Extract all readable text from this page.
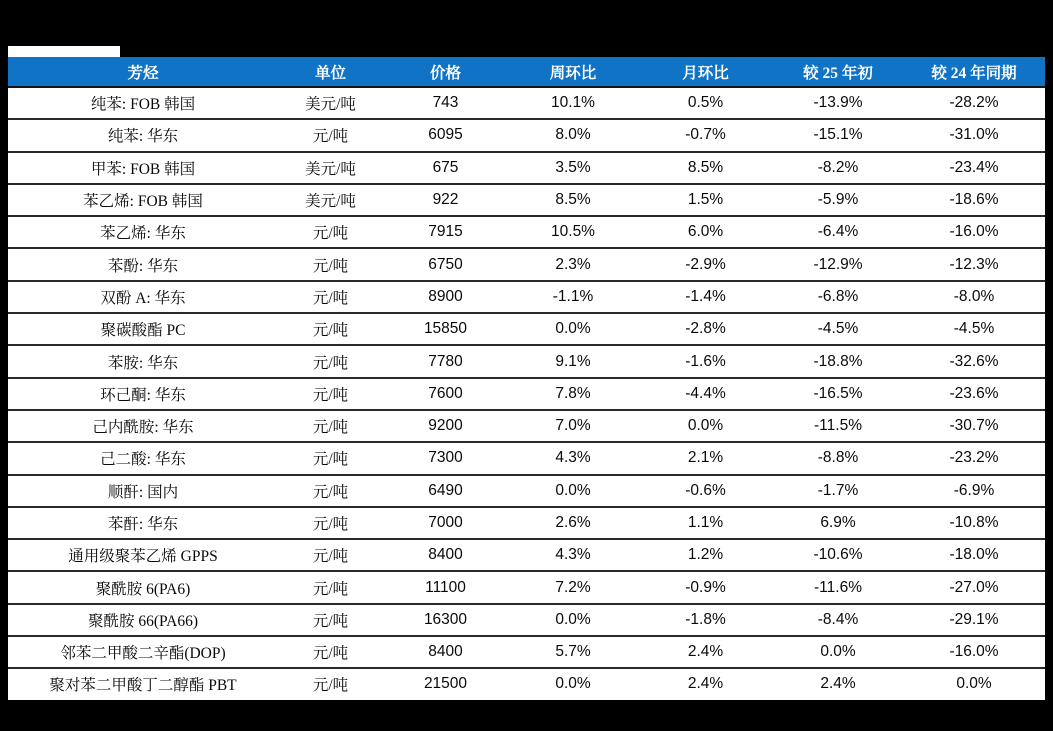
芳烃	单位	价格	周环比	月环比	较 25 年初	较 24 年同期
纯苯: FOB 韩国	美元/吨	743	10.1%	0.5%	-13.9%	-28.2%
纯苯: 华东	元/吨	6095	8.0%	-0.7%	-15.1%	-31.0%
甲苯: FOB 韩国	美元/吨	675	3.5%	8.5%	-8.2%	-23.4%
苯乙烯: FOB 韩国	美元/吨	922	8.5%	1.5%	-5.9%	-18.6%
苯乙烯: 华东	元/吨	7915	10.5%	6.0%	-6.4%	-16.0%
苯酚: 华东	元/吨	6750	2.3%	-2.9%	-12.9%	-12.3%
双酚 A: 华东	元/吨	8900	-1.1%	-1.4%	-6.8%	-8.0%
聚碳酸酯 PC	元/吨	15850	0.0%	-2.8%	-4.5%	-4.5%
苯胺: 华东	元/吨	7780	9.1%	-1.6%	-18.8%	-32.6%
环己酮: 华东	元/吨	7600	7.8%	-4.4%	-16.5%	-23.6%
己内酰胺: 华东	元/吨	9200	7.0%	0.0%	-11.5%	-30.7%
己二酸: 华东	元/吨	7300	4.3%	2.1%	-8.8%	-23.2%
顺酐: 国内	元/吨	6490	0.0%	-0.6%	-1.7%	-6.9%
苯酐: 华东	元/吨	7000	2.6%	1.1%	6.9%	-10.8%
通用级聚苯乙烯 GPPS	元/吨	8400	4.3%	1.2%	-10.6%	-18.0%
聚酰胺 6(PA6)	元/吨	11100	7.2%	-0.9%	-11.6%	-27.0%
聚酰胺 66(PA66)	元/吨	16300	0.0%	-1.8%	-8.4%	-29.1%
邻苯二甲酸二辛酯(DOP)	元/吨	8400	5.7%	2.4%	0.0%	-16.0%
聚对苯二甲酸丁二醇酯 PBT	元/吨	21500	0.0%	2.4%	2.4%	0.0%
